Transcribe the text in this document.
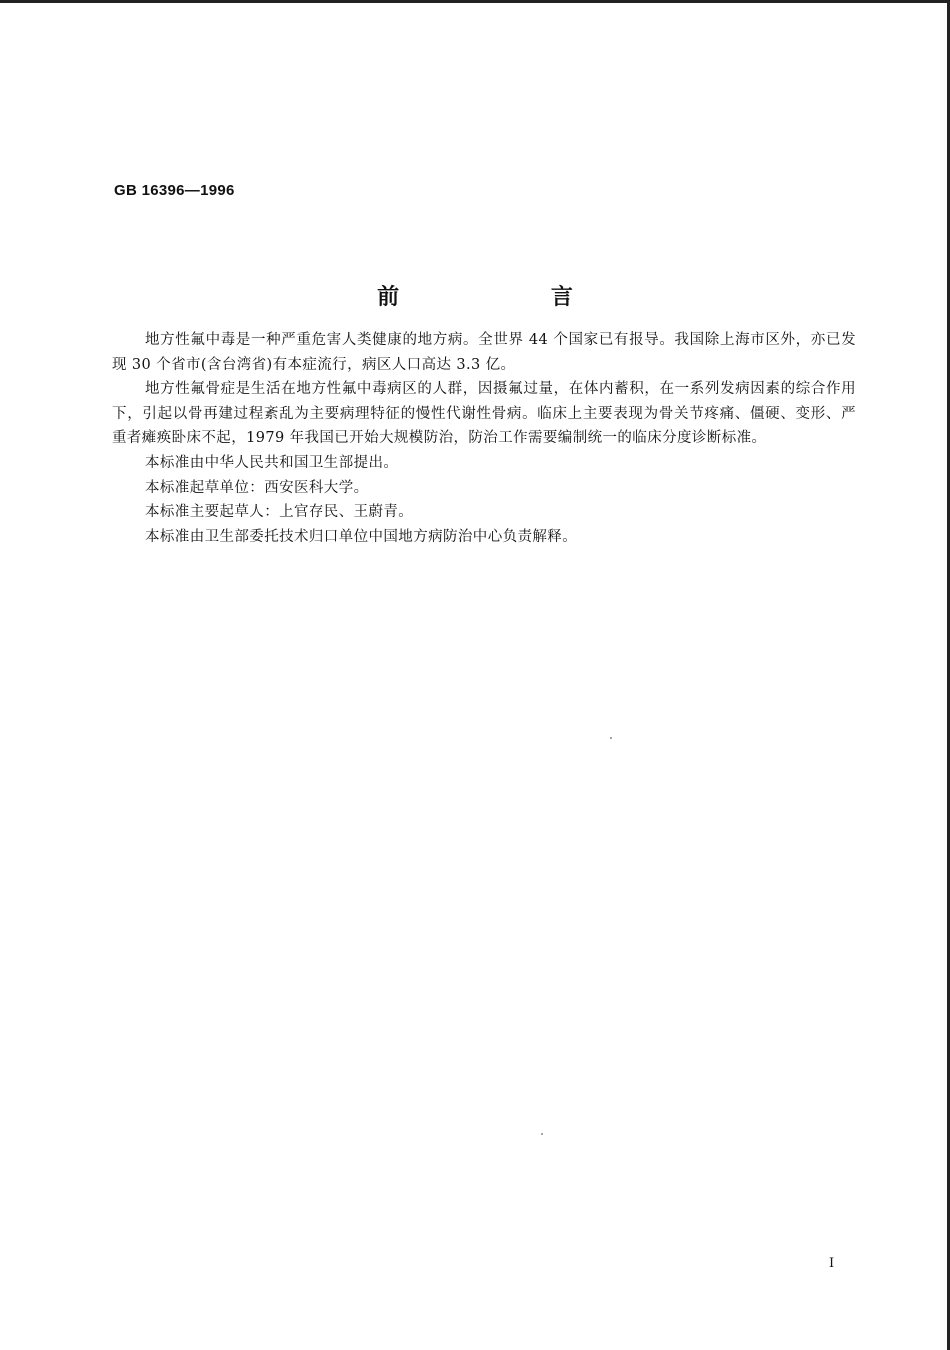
GB 16396—1996
前 言

地方性氟中毒是一种严重危害人类健康的地方病。全世界 44 个国家已有报导。我国除上海市区外，亦已发现 30 个省市(含台湾省)有本症流行，病区人口高达 3.3 亿。

地方性氟骨症是生活在地方性氟中毒病区的人群，因摄氟过量，在体内蓄积，在一系列发病因素的综合作用下，引起以骨再建过程紊乱为主要病理特征的慢性代谢性骨病。临床上主要表现为骨关节疼痛、僵硬、变形、严重者瘫痪卧床不起，1979 年我国已开始大规模防治，防治工作需要编制统一的临床分度诊断标准。

本标准由中华人民共和国卫生部提出。

本标准起草单位：西安医科大学。

本标准主要起草人：上官存民、王蔚青。

本标准由卫生部委托技术归口单位中国地方病防治中心负责解释。

I
